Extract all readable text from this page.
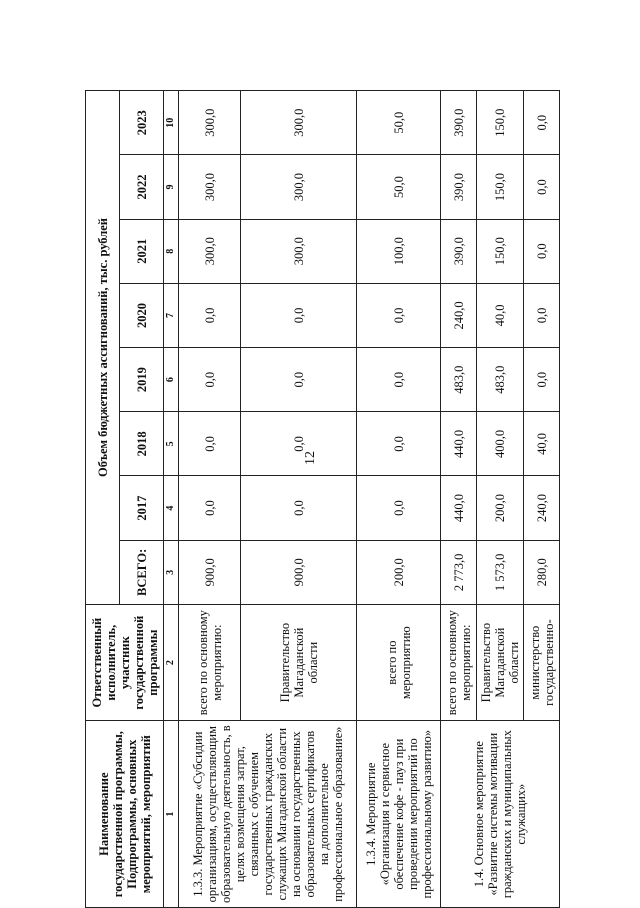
12
Наименование государственной программы, Подпрограммы, основных мероприятий, мероприятий	Ответственный исполнитель, участник государственной программы	Объем бюджетных ассигнований, тыс. рублей							
		ВСЕГО:	2017	2018	2019	2020	2021	2022	2023
1	2	3	4	5	6	7	8	9	10
1.3.3. Мероприятие «Субсидии организациям, осуществляющим образовательную деятельность, в целях возмещения затрат, связанных с обучением государственных гражданских служащих Магаданской области на основании государственных образовательных сертификатов на дополнительное профессиональное образование»	всего по основному мероприятию:	900,0	0,0	0,0	0,0	0,0	300,0	300,0	300,0
	Правительство Магаданской области	900,0	0,0	0,0	0,0	0,0	300,0	300,0	300,0
1.3.4. Мероприятие «Организация и сервисное обеспечение кофе - пауз при проведении мероприятий по профессиональному развитию»	всего по мероприятию	200,0	0,0	0,0	0,0	0,0	100,0	50,0	50,0
1.4. Основное мероприятие «Развитие системы мотивации гражданских и муниципальных служащих»	всего по основному мероприятию:	2 773,0	440,0	440,0	483,0	240,0	390,0	390,0	390,0
	Правительство Магаданской области	1 573,0	200,0	400,0	483,0	40,0	150,0	150,0	150,0
	министерство государственно-	280,0	240,0	40,0	0,0	0,0	0,0	0,0	0,0
